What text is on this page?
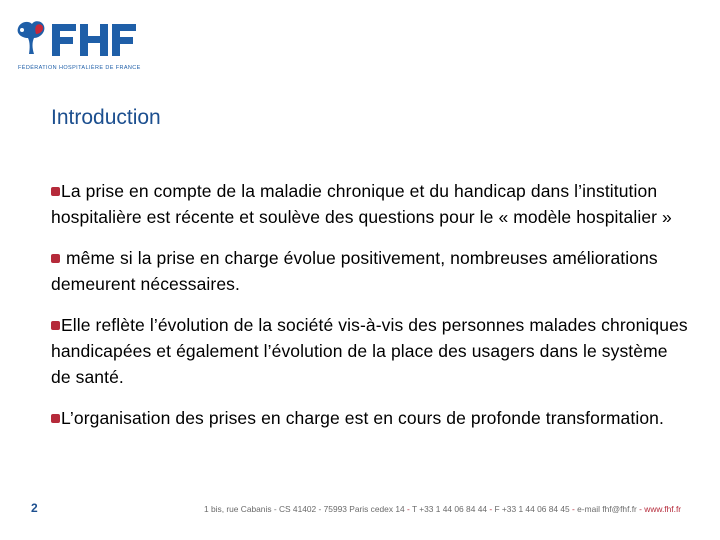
FÉDÉRATION HOSPITALIÈRE DE FRANCE
Introduction

La prise en compte de la maladie chronique et du handicap dans l’institution hospitalière est récente et soulève des questions pour le « modèle hospitalier »

même si la prise en charge évolue positivement, nombreuses améliorations demeurent nécessaires.

Elle reflète l’évolution de la société vis-à-vis des personnes malades chroniques handicapées et également l’évolution de la place des usagers dans le système de santé.

L’organisation des prises en charge est en cours de profonde transformation.

2	1 bis, rue Cabanis - CS 41402 - 75993 Paris cedex 14 - T +33 1 44 06 84 44 - F +33 1 44 06 84 45 - e-mail fhf@fhf.fr - www.fhf.fr
